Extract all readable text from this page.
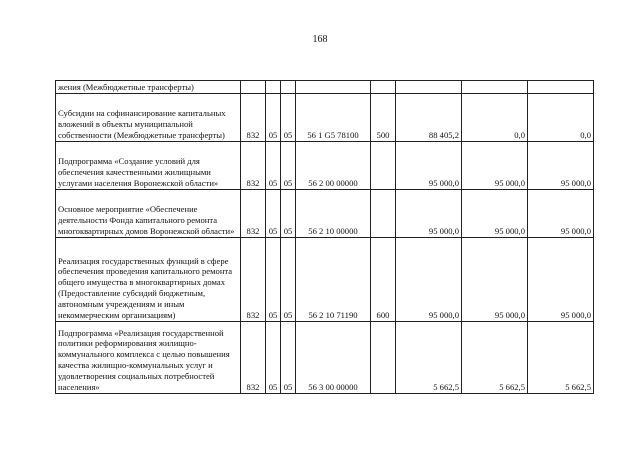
168
жения (Межбюджетные трансферты)								
Субсидии на софинансирование капитальных вложений в объекты муниципальной собственности (Межбюджетные трансферты)	832	05	05	56 1 G5 78100	500	88 405,2	0,0	0,0
Подпрограмма «Создание условий для обеспечения качественными жилищными услугами населения Воронежской области»	832	05	05	56 2 00 00000		95 000,0	95 000,0	95 000,0
Основное мероприятие «Обеспечение деятельности Фонда капитального ремонта многоквартирных домов Воронежской области»	832	05	05	56 2 10 00000		95 000,0	95 000,0	95 000,0
Реализация государственных функций в сфере обеспечения проведения капитального ремонта общего имущества в многоквартирных домах (Предоставление субсидий бюджетным, автономным учреждениям и иным некоммерческим организациям)	832	05	05	56 2 10 71190	600	95 000,0	95 000,0	95 000,0
Подпрограмма «Реализация государственной политики реформирования жилищно-коммунального комплекса с целью повышения качества жилищно-коммунальных услуг и удовлетворения социальных потребностей населения»	832	05	05	56 3 00 00000		5 662,5	5 662,5	5 662,5
